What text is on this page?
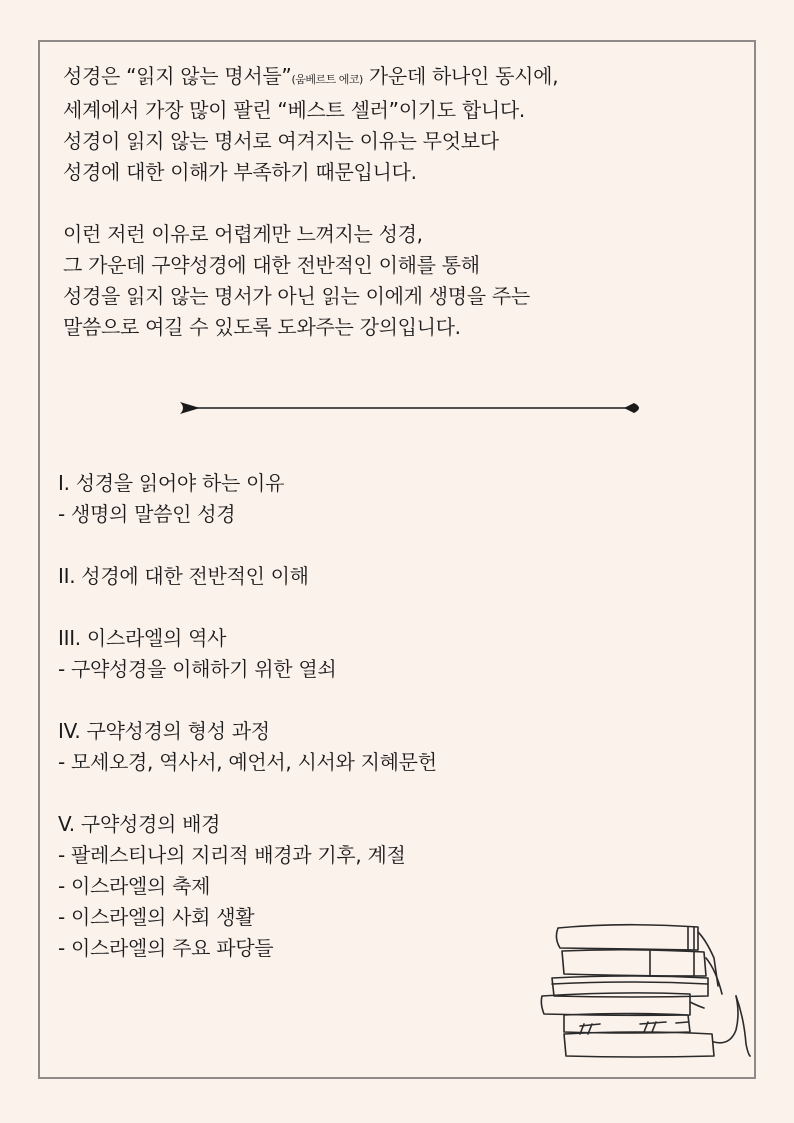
성경은 “읽지 않는 명서들”(움베르트 에코) 가운데 하나인 동시에,
세계에서 가장 많이 팔린 “베스트 셀러”이기도 합니다.
성경이 읽지 않는 명서로 여겨지는 이유는 무엇보다
성경에 대한 이해가 부족하기 때문입니다.

이런 저런 이유로 어렵게만 느껴지는 성경,
그 가운데 구약성경에 대한 전반적인 이해를 통해
성경을 읽지 않는 명서가 아닌 읽는 이에게 생명을 주는
말씀으로 여길 수 있도록 도와주는 강의입니다.

I. 성경을 읽어야 하는 이유
- 생명의 말씀인 성경
II. 성경에 대한 전반적인 이해
III. 이스라엘의 역사
- 구약성경을 이해하기 위한 열쇠
IV. 구약성경의 형성 과정
- 모세오경, 역사서, 예언서, 시서와 지혜문헌
V. 구약성경의 배경
- 팔레스티나의 지리적 배경과 기후, 계절
- 이스라엘의 축제
- 이스라엘의 사회 생활
- 이스라엘의 주요 파당들
